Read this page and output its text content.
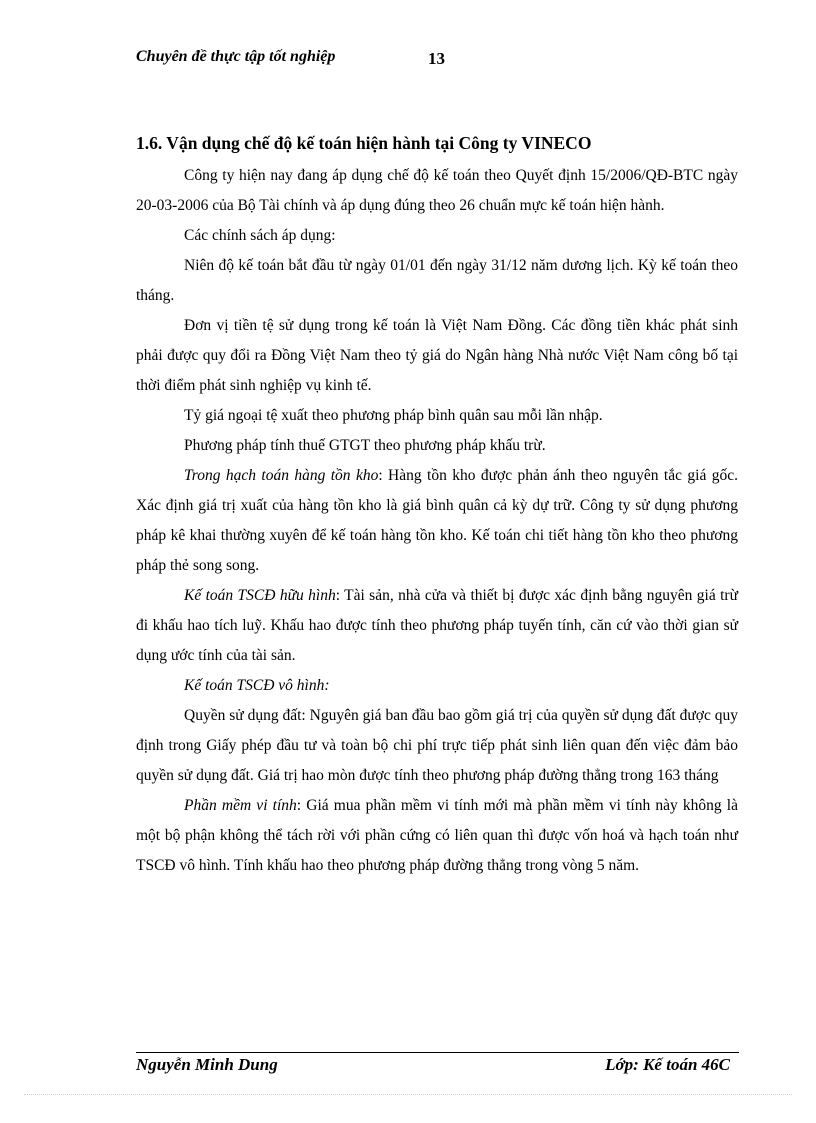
Chuyên đề thực tập tốt nghiệp	13
1.6. Vận dụng chế độ kế toán hiện hành tại Công ty VINECO

Công ty hiện nay đang áp dụng chế độ kế toán theo Quyết định 15/2006/QĐ-BTC ngày 20-03-2006 của Bộ Tài chính và áp dụng đúng theo 26 chuẩn mực kế toán hiện hành.

Các chính sách áp dụng:

Niên độ kế toán bắt đầu từ ngày 01/01 đến ngày 31/12 năm dương lịch. Kỳ kế toán theo tháng.

Đơn vị tiền tệ sử dụng trong kế toán là Việt Nam Đồng. Các đồng tiền khác phát sinh phải được quy đổi ra Đồng Việt Nam theo tỷ giá do Ngân hàng Nhà nước Việt Nam công bố tại thời điểm phát sinh nghiệp vụ kinh tế.

Tỷ giá ngoại tệ xuất theo phương pháp bình quân sau mỗi lần nhập.

Phương pháp tính thuế GTGT theo phương pháp khấu trừ.

Trong hạch toán hàng tồn kho: Hàng tồn kho được phản ánh theo nguyên tắc giá gốc. Xác định giá trị xuất của hàng tồn kho là giá bình quân cả kỳ dự trữ. Công ty sử dụng phương pháp kê khai thường xuyên để kế toán hàng tồn kho. Kế toán chi tiết hàng tồn kho theo phương pháp thẻ song song.

Kế toán TSCĐ hữu hình: Tài sản, nhà cửa và thiết bị được xác định bằng nguyên giá trừ đi khấu hao tích luỹ. Khấu hao được tính theo phương pháp tuyến tính, căn cứ vào thời gian sử dụng ước tính của tài sản.

Kế toán TSCĐ vô hình:

Quyền sử dụng đất: Nguyên giá ban đầu bao gồm giá trị của quyền sử dụng đất được quy định trong Giấy phép đầu tư và toàn bộ chi phí trực tiếp phát sinh liên quan đến việc đảm bảo quyền sử dụng đất. Giá trị hao mòn được tính theo phương pháp đường thẳng trong 163 tháng

Phần mềm vi tính: Giá mua phần mềm vi tính mới mà phần mềm vi tính này không là một bộ phận không thể tách rời với phần cứng có liên quan thì được vốn hoá và hạch toán như TSCĐ vô hình. Tính khấu hao theo phương pháp đường thẳng trong vòng 5 năm.

Nguyễn Minh Dung	Lớp: Kế toán 46C
